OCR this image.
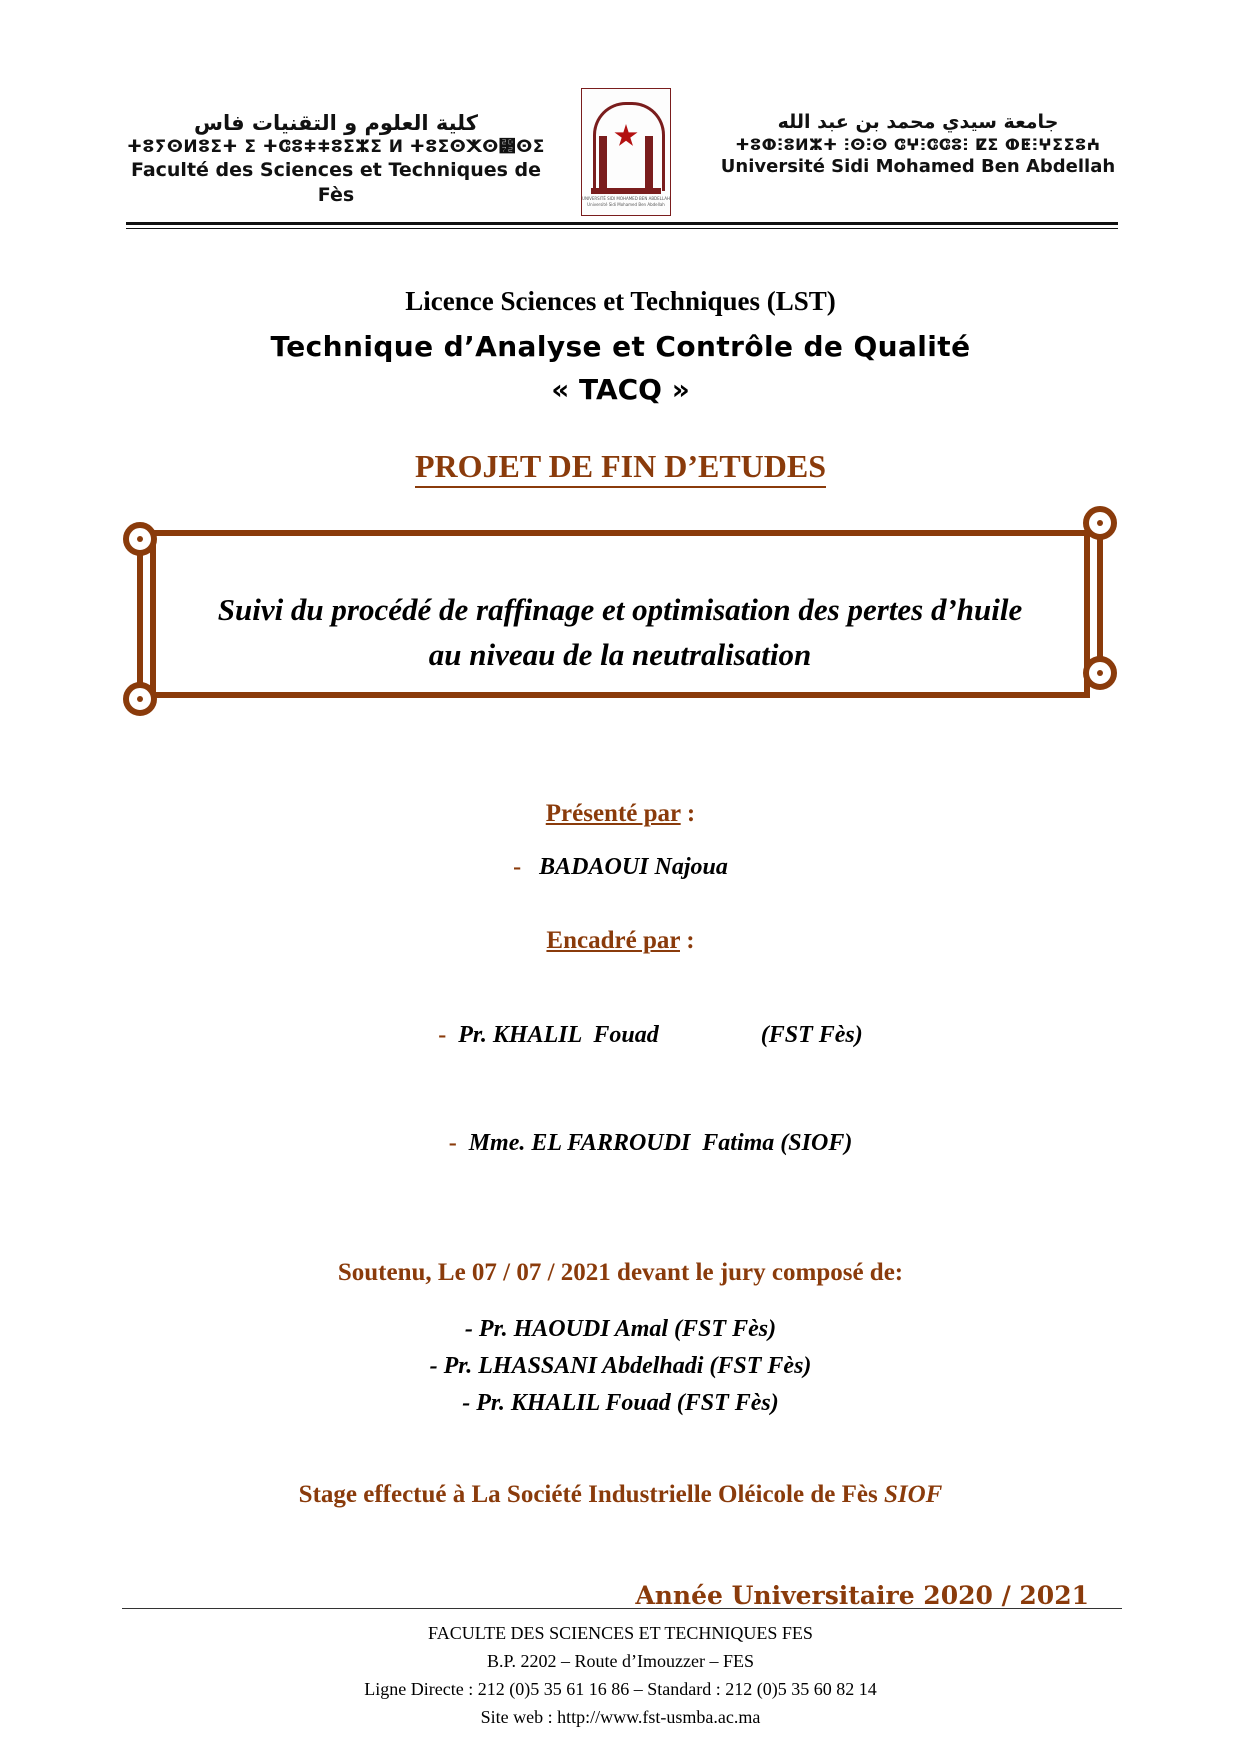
كلية العلوم و التقنيات فاس
ⵜⵓⵢⵙⵍⵓⵉⵜ ⵉ ⵜⵛⵓⵐⵐⵓⵉⵣⵉ ⵍ ⵜⵓⵉⵙⵅⵙ⵲ⵙⵉ
Faculté des Sciences et Techniques de Fès	UNIVERSITÉ SIDI MOHAMED BEN ABDELLAH Université Sidi Mohamed Ben Abdellah
جامعة سيدي محمد بن عبد الله
ⵜⵓⵀⵗⵓⵍⵣⵜ ⵗⵙⵗⵙ ⵛⵖⵗⵛⵛⵓⵗ ⵇⵉ ⵀⵟⵗⵖⵉⵉⵓⵄ
Université Sidi Mohamed Ben Abdellah
Licence Sciences et Techniques (LST)
Technique d’Analyse et Contrôle de Qualité
« TACQ »
PROJET DE FIN D’ETUDES
Suivi du procédé de raffinage et optimisation des pertes d’huile au niveau de la neutralisation
Présenté par :
- BADAOUI Najoua
Encadré par :

- Pr. KHALIL  Fouad                 (FST Fès)

- Mme. EL FARROUDI  Fatima (SIOF)

Soutenu, Le 07 / 07 / 2021 devant le jury composé de:
- Pr. HAOUDI Amal (FST Fès)
- Pr. LHASSANI Abdelhadi (FST Fès)
- Pr. KHALIL Fouad (FST Fès)
Stage effectué à La Société Industrielle Oléicole de Fès SIOF
Année Universitaire 2020 / 2021
FACULTE DES SCIENCES ET TECHNIQUES FES
B.P. 2202 – Route d’Imouzzer – FES
Ligne Directe : 212 (0)5 35 61 16 86 – Standard : 212 (0)5 35 60 82 14
Site web : http://www.fst-usmba.ac.ma
